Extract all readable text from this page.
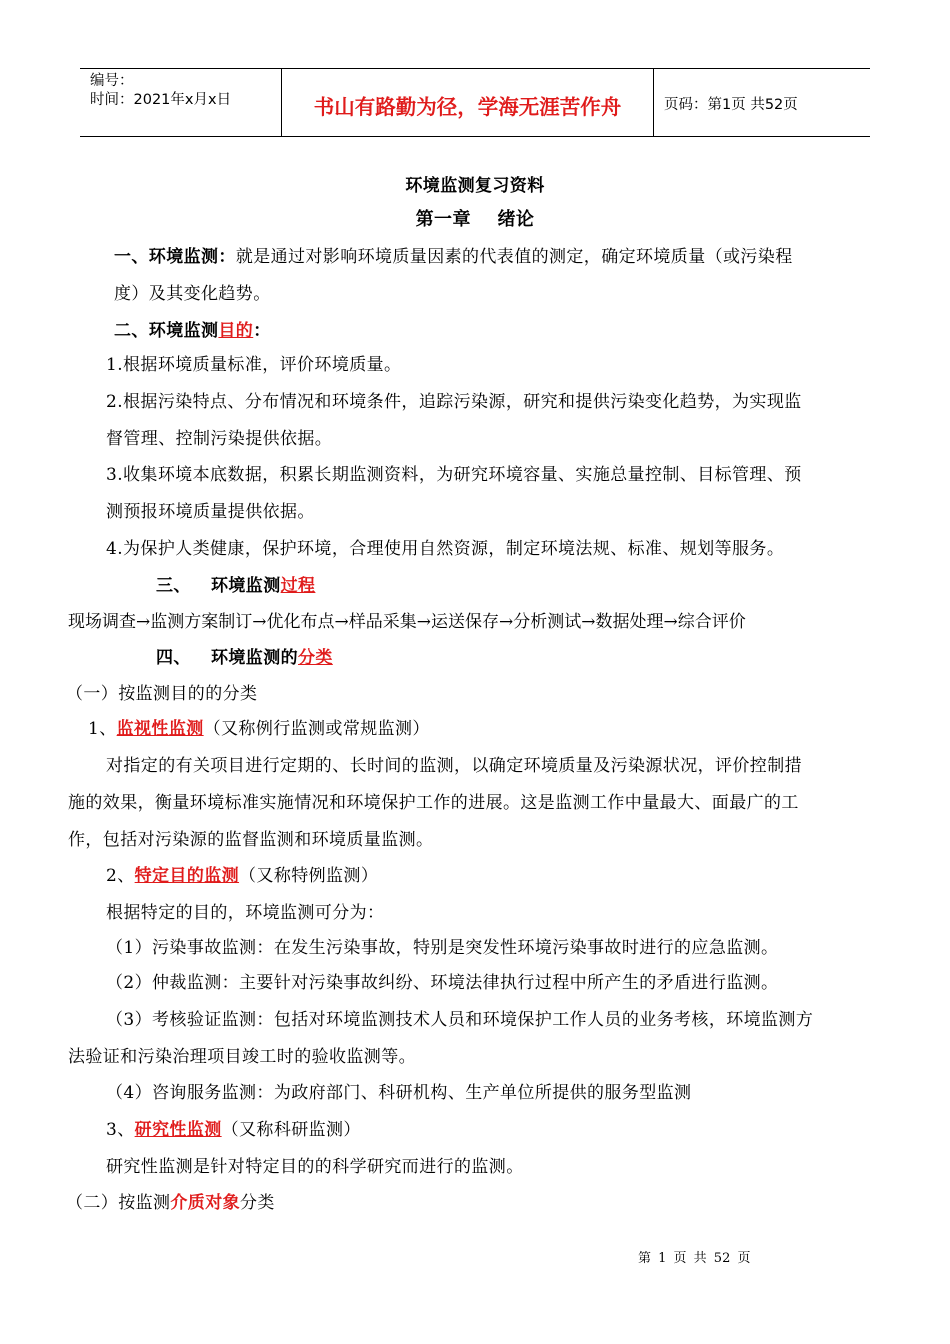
编号：
时间：2021年x月x日	书山有路勤为径，学海无涯苦作舟	页码：第1页 共52页
环境监测复习资料
第一章    绪论
一、环境监测：就是通过对影响环境质量因素的代表值的测定，确定环境质量（或污染程
度）及其变化趋势。
二、环境监测目的：
1.根据环境质量标准，评价环境质量。
2.根据污染特点、分布情况和环境条件，追踪污染源，研究和提供污染变化趋势，为实现监
督管理、控制污染提供依据。
3.收集环境本底数据，积累长期监测资料，为研究环境容量、实施总量控制、目标管理、预
测预报环境质量提供依据。
4.为保护人类健康，保护环境，合理使用自然资源，制定环境法规、标准、规划等服务。
三、 环境监测过程
现场调查→监测方案制订→优化布点→样品采集→运送保存→分析测试→数据处理→综合评价
四、 环境监测的分类
（一）按监测目的的分类
1、监视性监测（又称例行监测或常规监测）
对指定的有关项目进行定期的、长时间的监测，以确定环境质量及污染源状况，评价控制措
施的效果，衡量环境标准实施情况和环境保护工作的进展。这是监测工作中量最大、面最广的工
作，包括对污染源的监督监测和环境质量监测。
2、特定目的监测（又称特例监测）
根据特定的目的，环境监测可分为：
（1）污染事故监测：在发生污染事故，特别是突发性环境污染事故时进行的应急监测。
（2）仲裁监测：主要针对污染事故纠纷、环境法律执行过程中所产生的矛盾进行监测。
（3）考核验证监测：包括对环境监测技术人员和环境保护工作人员的业务考核，环境监测方
法验证和污染治理项目竣工时的验收监测等。
（4）咨询服务监测：为政府部门、科研机构、生产单位所提供的服务型监测
3、研究性监测（又称科研监测）
研究性监测是针对特定目的的科学研究而进行的监测。
（二）按监测介质对象分类
第 1 页 共 52 页
